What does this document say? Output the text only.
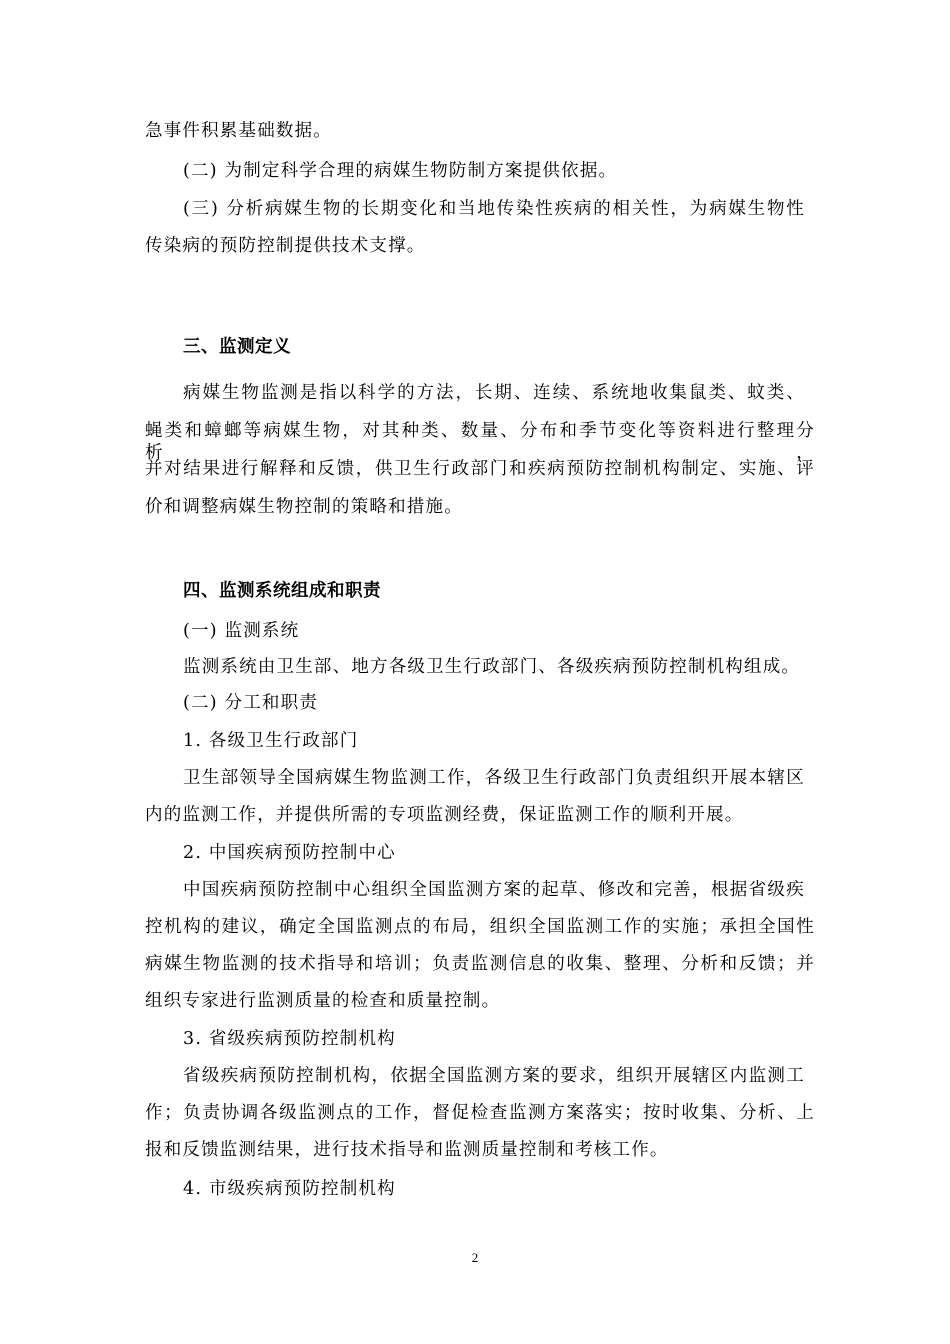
急事件积累基础数据。
(二) 为制定科学合理的病媒生物防制方案提供依据。
(三) 分析病媒生物的长期变化和当地传染性疾病的相关性，为病媒生物性
传染病的预防控制提供技术支撑。
三、监测定义
病媒生物监测是指以科学的方法，长期、连续、系统地收集鼠类、蚊类、
蝇类和蟑螂等病媒生物，对其种类、数量、分布和季节变化等资料进行整理分析，
并对结果进行解释和反馈，供卫生行政部门和疾病预防控制机构制定、实施、评
价和调整病媒生物控制的策略和措施。
四、监测系统组成和职责
(一) 监测系统
监测系统由卫生部、地方各级卫生行政部门、各级疾病预防控制机构组成。
(二) 分工和职责
1. 各级卫生行政部门
卫生部领导全国病媒生物监测工作，各级卫生行政部门负责组织开展本辖区
内的监测工作，并提供所需的专项监测经费，保证监测工作的顺利开展。
2. 中国疾病预防控制中心
中国疾病预防控制中心组织全国监测方案的起草、修改和完善，根据省级疾
控机构的建议，确定全国监测点的布局，组织全国监测工作的实施；承担全国性
病媒生物监测的技术指导和培训；负责监测信息的收集、整理、分析和反馈；并
组织专家进行监测质量的检查和质量控制。
3. 省级疾病预防控制机构
省级疾病预防控制机构，依据全国监测方案的要求，组织开展辖区内监测工
作；负责协调各级监测点的工作，督促检查监测方案落实；按时收集、分析、上
报和反馈监测结果，进行技术指导和监测质量控制和考核工作。
4. 市级疾病预防控制机构
2
